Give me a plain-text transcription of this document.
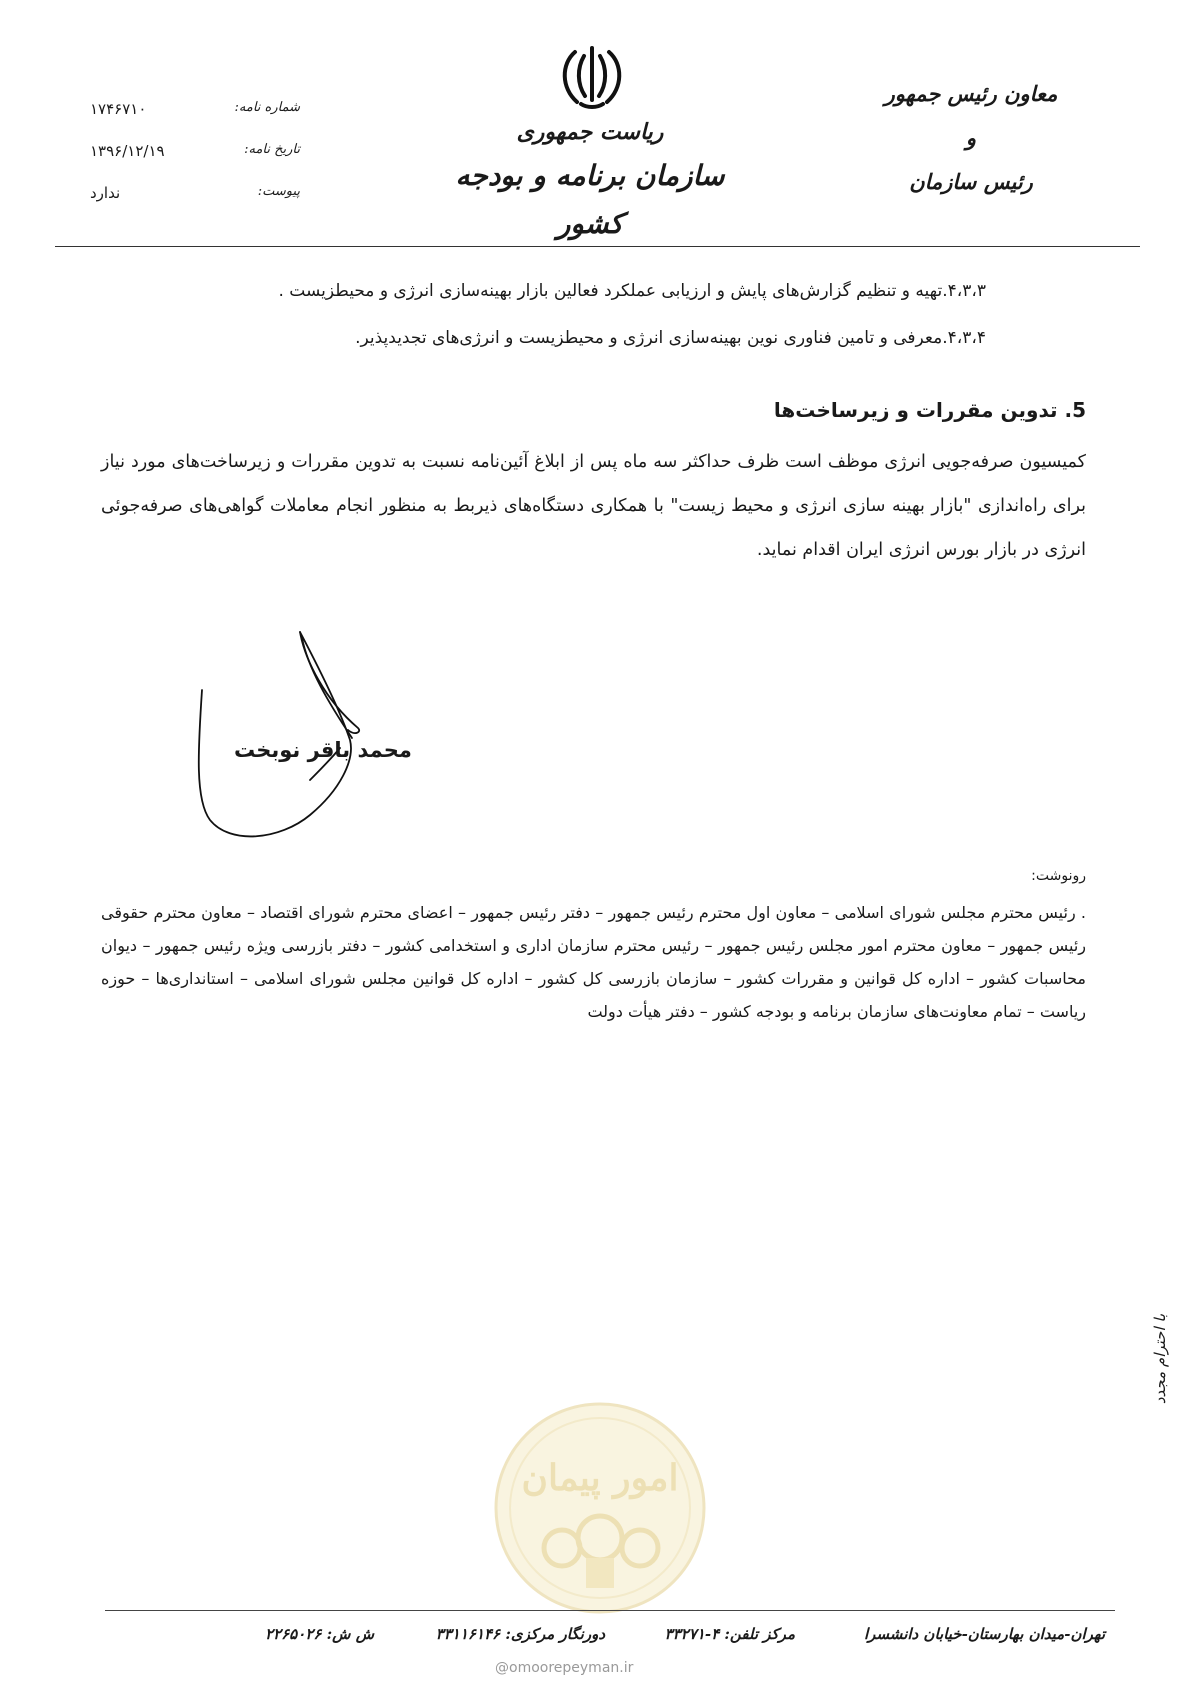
معاون رئیس جمهور
و
رئیس سازمان
ریاست جمهوری
سازمان برنامه و بودجه کشور
شماره نامه:
۱۷۴۶۷۱۰
تاریخ نامه:
۱۳۹۶/۱۲/۱۹
پیوست:
ندارد

۴،۳،۳.تهیه و تنظیم گزارش‌های پایش و ارزیابی عملکرد فعالین بازار بهینه‌سازی انرژی و محیطزیست .

۴،۳،۴.معرفی و تامین فناوری نوین بهینه‌سازی انرژی و محیطزیست و انرژی‌های تجدیدپذیر.

5. تدوین مقررات و زیرساخت‌ها

کمیسیون صرفه‌جویی انرژی موظف است ظرف حداکثر سه ماه پس از ابلاغ آئین‌نامه نسبت به تدوین مقررات و زیرساخت‌های مورد نیاز برای راه‌اندازی "بازار بهینه سازی انرژی و محیط زیست" با همکاری دستگاه‌های ذیربط به منظور انجام معاملات گواهی‌های صرفه‌جوئی انرژی در بازار بورس انرژی ایران اقدام نماید.

با احترام مجدد
محمد باقر نوبخت
رونوشت:

. رئیس محترم مجلس شورای اسلامی – معاون اول محترم رئیس جمهور – دفتر رئیس جمهور – اعضای محترم شورای اقتصاد – معاون محترم حقوقی رئیس جمهور – معاون محترم امور مجلس رئیس جمهور – رئیس محترم سازمان اداری و استخدامی کشور – دفتر بازرسی ویژه رئیس جمهور – دیوان محاسبات کشور – اداره کل قوانین و مقررات کشور – سازمان بازرسی کل کشور – اداره کل قوانین مجلس شورای اسلامی – استانداری‌ها – حوزه ریاست – تمام معاونت‌های سازمان برنامه و بودجه کشور – دفتر هیأت دولت

امور پیمان
تهران-میدان بهارستان-خیابان دانشسرا
مرکز تلفن: ۴-۳۳۲۷۱
دورنگار مرکزی: ۳۳۱۱۶۱۴۶
ش ش: ۲۲۶۵۰۲۶
@omoorepeyman.ir
